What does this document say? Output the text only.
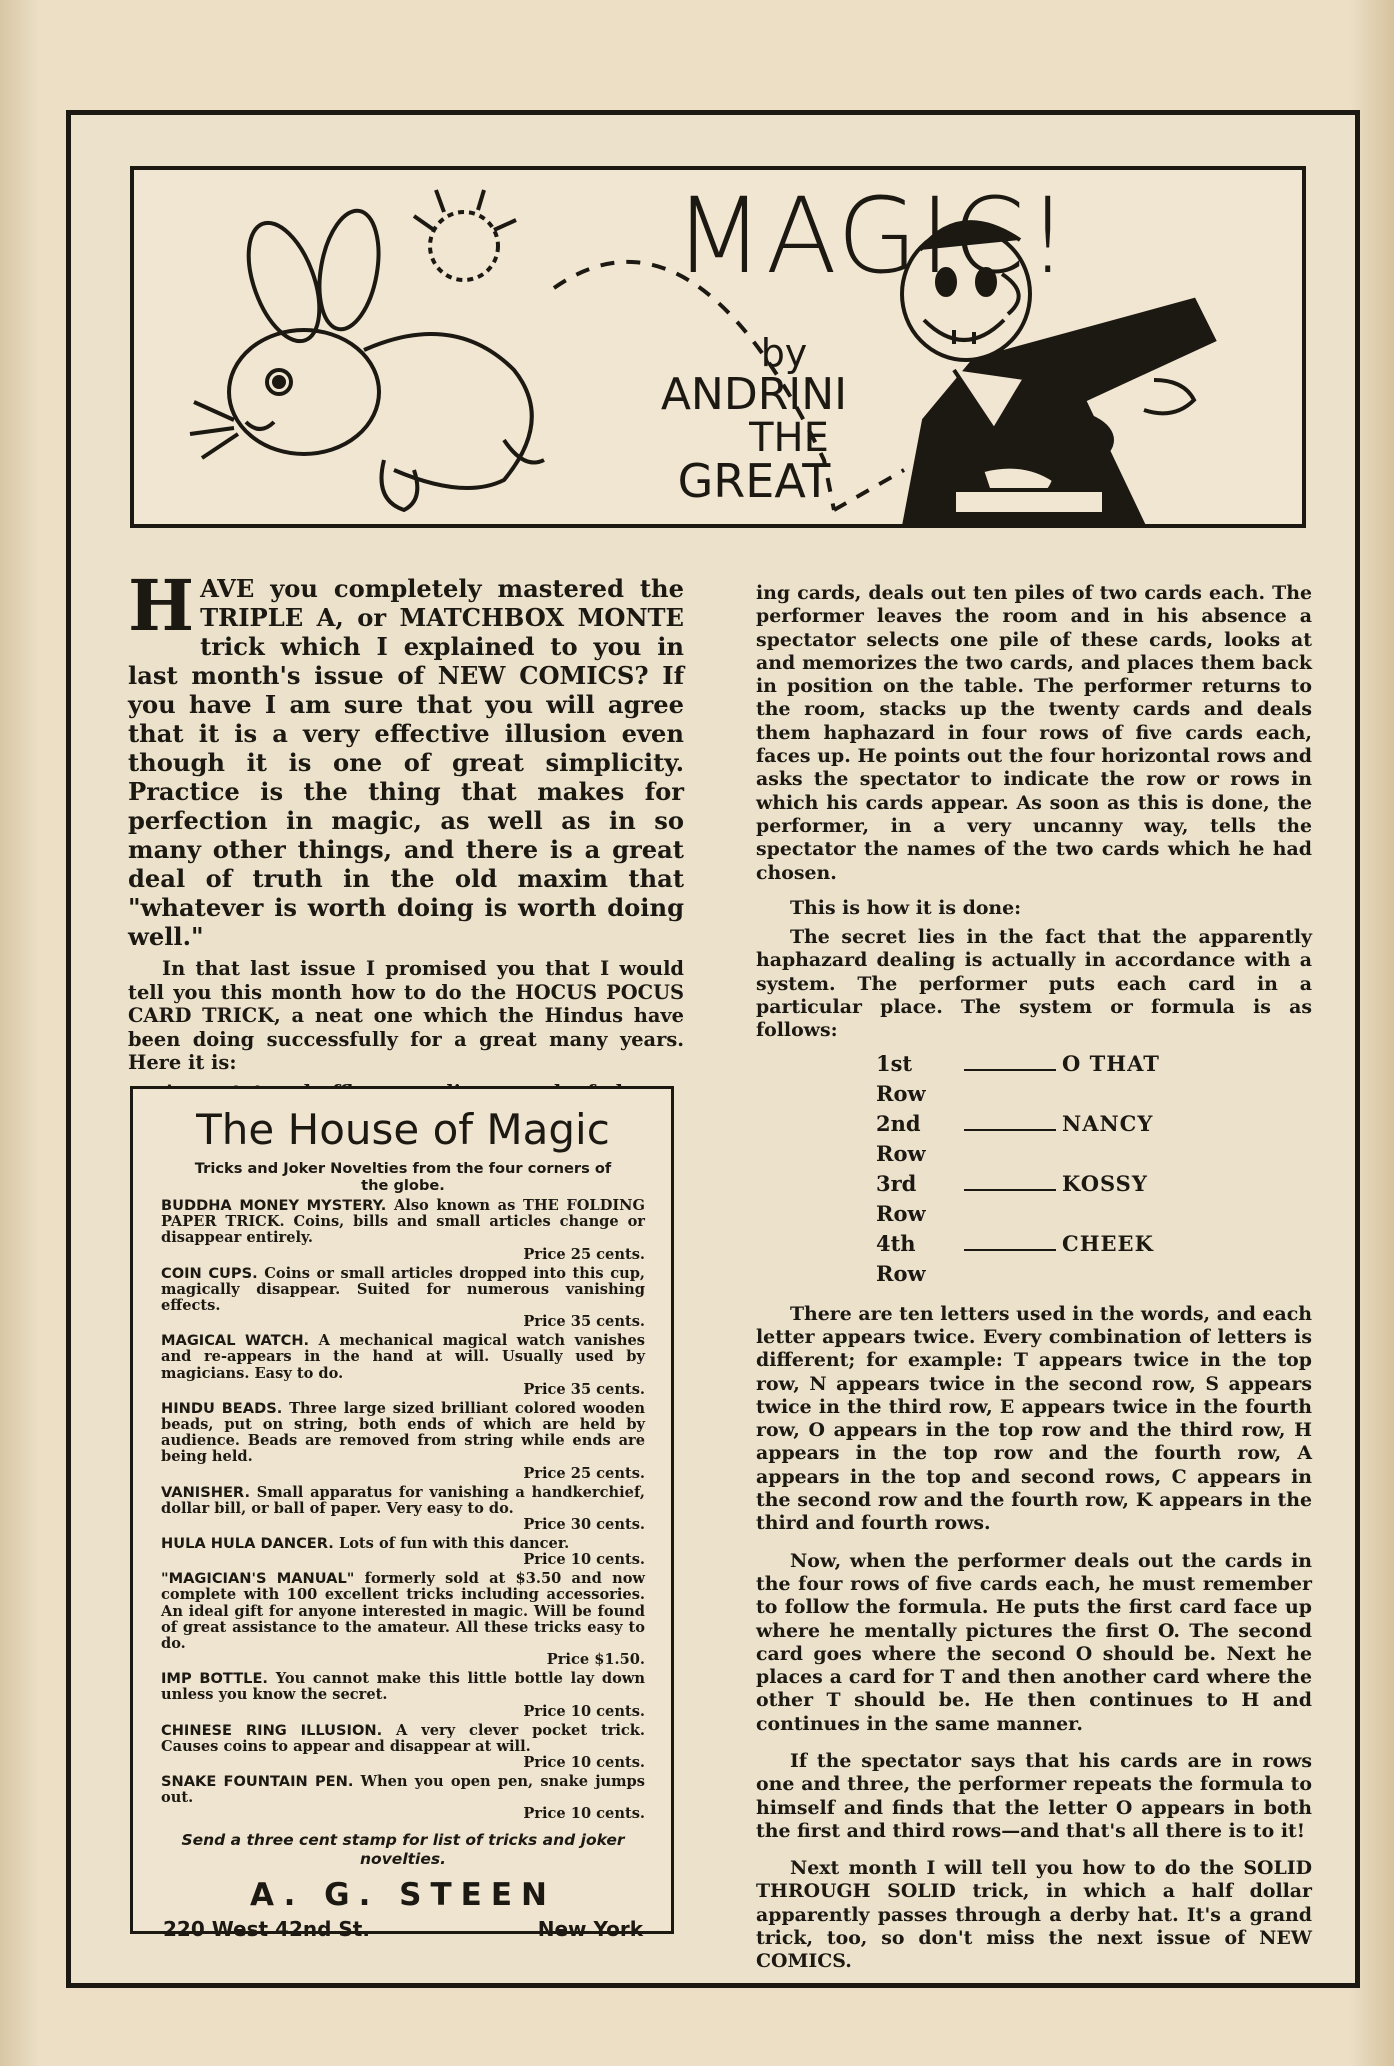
MAGIC!
by
ANDRINI
THE
GREAT

HAVE you completely mastered the TRIPLE A, or MATCHBOX MONTE trick which I explained to you in last month's issue of NEW COMICS? If you have I am sure that you will agree that it is a very effective illusion even though it is one of great simplicity. Practice is the thing that makes for perfection in magic, as well as in so many other things, and there is a great deal of truth in the old maxim that "whatever is worth doing is worth doing well."

In that last issue I promised you that I would tell you this month how to do the HOCUS POCUS CARD TRICK, a neat one which the Hindus have been doing successfully for a great many years. Here it is:

ing cards, deals out ten piles of two cards each. The performer leaves the room and in his absence a spectator selects one pile of these cards, looks at and memorizes the two cards, and places them back in position on the table. The performer returns to the room, stacks up the twenty cards and deals them haphazard in four rows of five cards each, faces up. He points out the four horizontal rows and asks the spectator to indicate the row or rows in which his cards appear. As soon as this is done, the performer, in a very uncanny way, tells the spectator the names of the two cards which he had chosen.

This is how it is done:

The secret lies in the fact that the apparently haphazard dealing is actually in accordance with a system. The performer puts each card in a particular place. The system or formula is as follows:

1st Row
O THAT
2nd Row
NANCY
3rd Row
KOSSY
4th Row
CHEEK

There are ten letters used in the words, and each letter appears twice. Every combination of letters is different; for example: T appears twice in the top row, N appears twice in the second row, S appears twice in the third row, E appears twice in the fourth row, O appears in the top row and the third row, H appears in the top row and the fourth row, A appears in the top and second rows, C appears in the second row and the fourth row, K appears in the third and fourth rows.

Now, when the performer deals out the cards in the four rows of five cards each, he must remember to follow the formula. He puts the first card face up where he mentally pictures the first O. The second card goes where the second O should be. Next he places a card for T and then another card where the other T should be. He then continues to H and continues in the same manner.

If the spectator says that his cards are in rows one and three, the performer repeats the formula to himself and finds that the letter O appears in both the first and third rows—and that's all there is to it!

Next month I will tell you how to do the SOLID THROUGH SOLID trick, in which a half dollar apparently passes through a derby hat. It's a grand trick, too, so don't miss the next issue of NEW COMICS.

The House of Magic
Tricks and Joker Novelties from the four corners of the globe.

BUDDHA MONEY MYSTERY. Also known as THE FOLDING PAPER TRICK. Coins, bills and small articles change or disappear entirely.

Price 25 cents.

COIN CUPS. Coins or small articles dropped into this cup, magically disappear. Suited for numerous vanishing effects.

Price 35 cents.

MAGICAL WATCH. A mechanical magical watch vanishes and re-appears in the hand at will. Usually used by magicians. Easy to do.

Price 35 cents.

HINDU BEADS. Three large sized brilliant colored wooden beads, put on string, both ends of which are held by audience. Beads are removed from string while ends are being held.

Price 25 cents.

VANISHER. Small apparatus for vanishing a handkerchief, dollar bill, or ball of paper. Very easy to do.

Price 30 cents.

HULA HULA DANCER. Lots of fun with this dancer.

Price 10 cents.

"MAGICIAN'S MANUAL" formerly sold at $3.50 and now complete with 100 excellent tricks including accessories. An ideal gift for anyone interested in magic. Will be found of great assistance to the amateur. All these tricks easy to do.

Price $1.50.

IMP BOTTLE. You cannot make this little bottle lay down unless you know the secret.

Price 10 cents.

CHINESE RING ILLUSION. A very clever pocket trick. Causes coins to appear and disappear at will.

Price 10 cents.

SNAKE FOUNTAIN PEN. When you open pen, snake jumps out.

Price 10 cents.

Send a three cent stamp for list of tricks and joker novelties.
A. G. STEEN
220 West 42nd St.	New York
